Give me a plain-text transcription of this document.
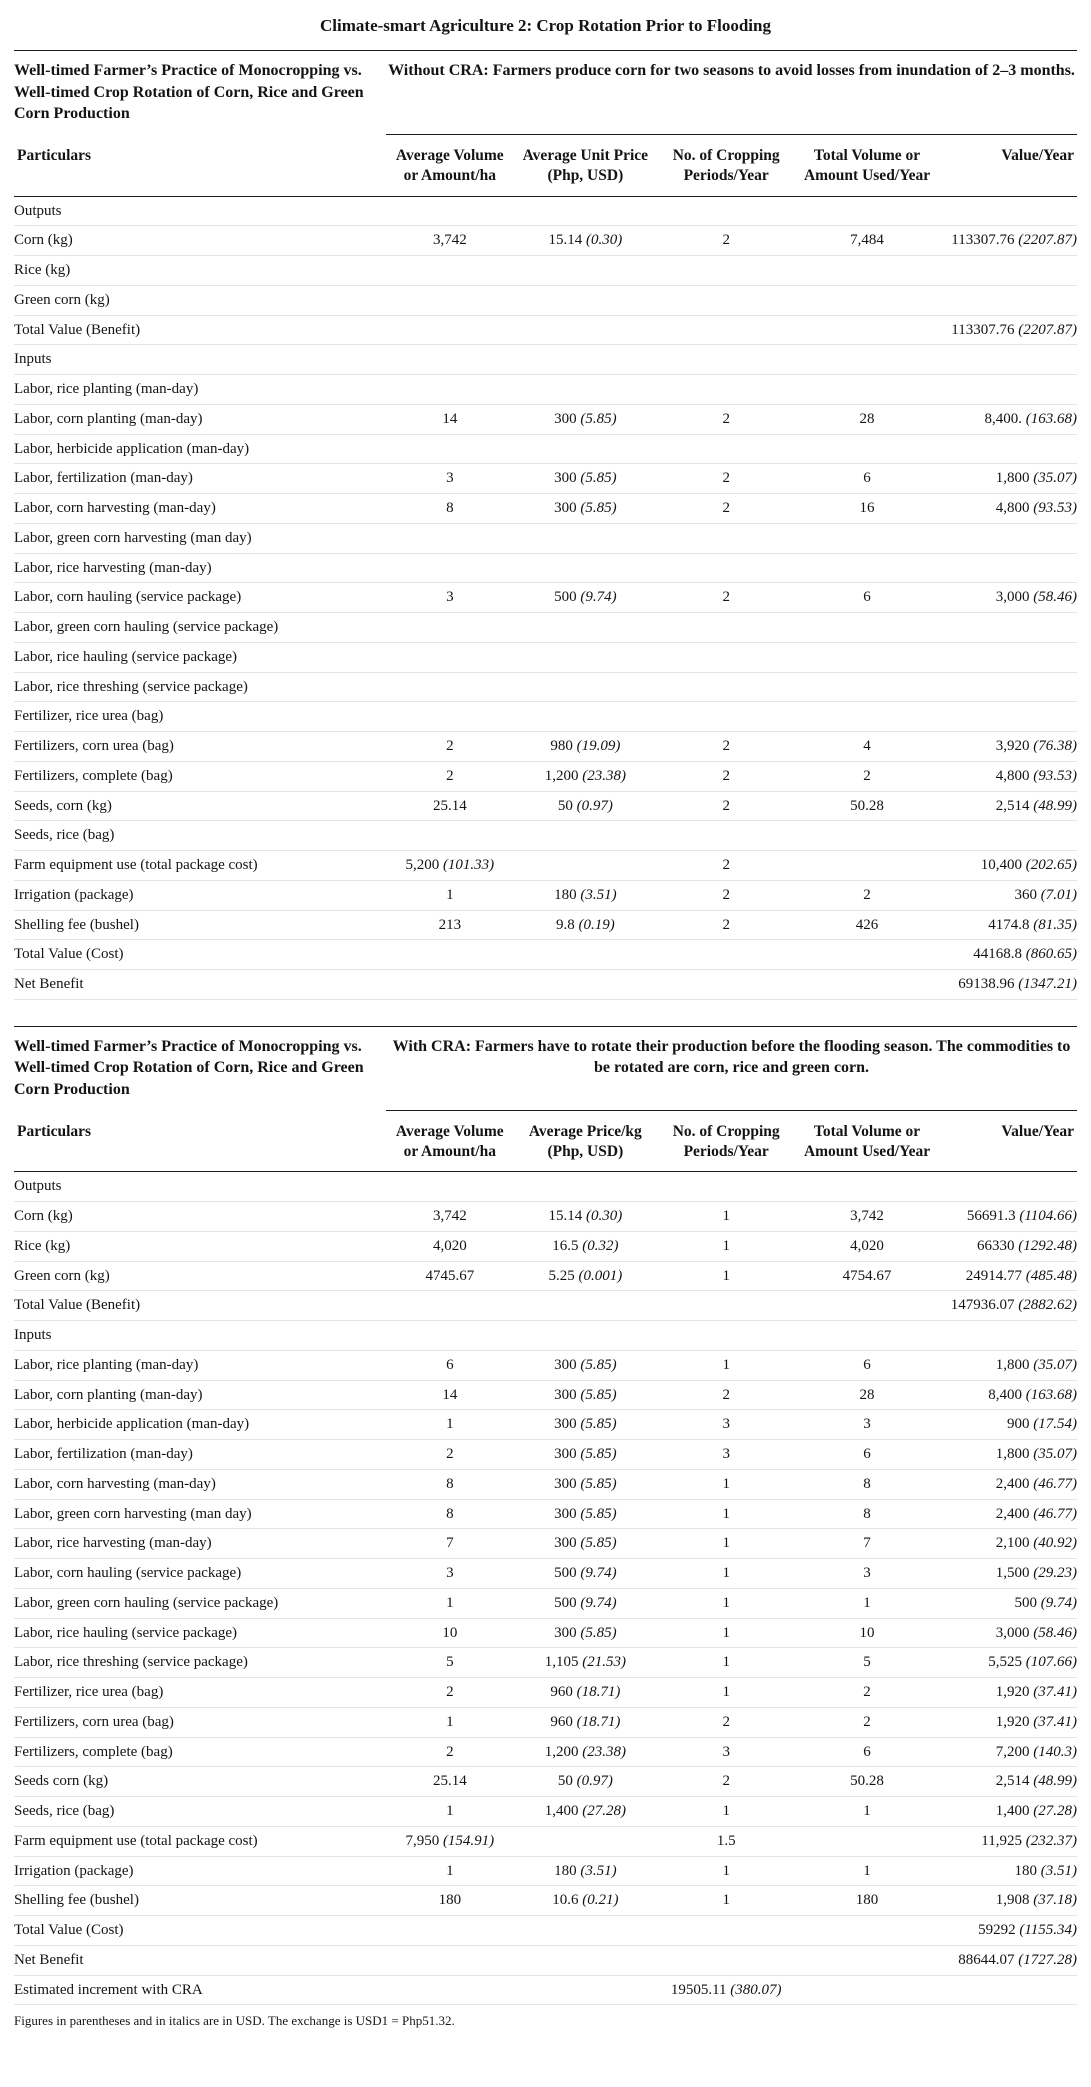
Climate-smart Agriculture 2: Crop Rotation Prior to Flooding
Well-timed Farmer’s Practice of Monocropping vs. Well-timed Crop Rotation of Corn, Rice and Green Corn Production	Without CRA: Farmers produce corn for two seasons to avoid losses from inundation of 2–3 months.				
Particulars	Average Volume or Amount/ha	Average Unit Price (Php, USD)	No. of Cropping Periods/Year	Total Volume or Amount Used/Year	Value/Year
Outputs					
Corn (kg)	3,742	15.14 (0.30)	2	7,484	113307.76 (2207.87)
Rice (kg)					
Green corn (kg)					
Total Value (Benefit)					113307.76 (2207.87)
Inputs					
Labor, rice planting (man-day)					
Labor, corn planting (man-day)	14	300 (5.85)	2	28	8,400. (163.68)
Labor, herbicide application (man-day)					
Labor, fertilization (man-day)	3	300 (5.85)	2	6	1,800 (35.07)
Labor, corn harvesting (man-day)	8	300 (5.85)	2	16	4,800 (93.53)
Labor, green corn harvesting (man day)					
Labor, rice harvesting (man-day)					
Labor, corn hauling (service package)	3	500 (9.74)	2	6	3,000 (58.46)
Labor, green corn hauling (service package)					
Labor, rice hauling (service package)					
Labor, rice threshing (service package)					
Fertilizer, rice urea (bag)					
Fertilizers, corn urea (bag)	2	980 (19.09)	2	4	3,920 (76.38)
Fertilizers, complete (bag)	2	1,200 (23.38)	2	2	4,800 (93.53)
Seeds, corn (kg)	25.14	50 (0.97)	2	50.28	2,514 (48.99)
Seeds, rice (bag)					
Farm equipment use (total package cost)	5,200 (101.33)		2		10,400 (202.65)
Irrigation (package)	1	180 (3.51)	2	2	360 (7.01)
Shelling fee (bushel)	213	9.8 (0.19)	2	426	4174.8 (81.35)
Total Value (Cost)					44168.8 (860.65)
Net Benefit					69138.96 (1347.21)
Well-timed Farmer’s Practice of Monocropping vs. Well-timed Crop Rotation of Corn, Rice and Green Corn Production	With CRA: Farmers have to rotate their production before the flooding season. The commodities to be rotated are corn, rice and green corn.				
Particulars	Average Volume or Amount/ha	Average Price/kg (Php, USD)	No. of Cropping Periods/Year	Total Volume or Amount Used/Year	Value/Year
Outputs					
Corn (kg)	3,742	15.14 (0.30)	1	3,742	56691.3 (1104.66)
Rice (kg)	4,020	16.5 (0.32)	1	4,020	66330 (1292.48)
Green corn (kg)	4745.67	5.25 (0.001)	1	4754.67	24914.77 (485.48)
Total Value (Benefit)					147936.07 (2882.62)
Inputs					
Labor, rice planting (man-day)	6	300 (5.85)	1	6	1,800 (35.07)
Labor, corn planting (man-day)	14	300 (5.85)	2	28	8,400 (163.68)
Labor, herbicide application (man-day)	1	300 (5.85)	3	3	900 (17.54)
Labor, fertilization (man-day)	2	300 (5.85)	3	6	1,800 (35.07)
Labor, corn harvesting (man-day)	8	300 (5.85)	1	8	2,400 (46.77)
Labor, green corn harvesting (man day)	8	300 (5.85)	1	8	2,400 (46.77)
Labor, rice harvesting (man-day)	7	300 (5.85)	1	7	2,100 (40.92)
Labor, corn hauling (service package)	3	500 (9.74)	1	3	1,500 (29.23)
Labor, green corn hauling (service package)	1	500 (9.74)	1	1	500 (9.74)
Labor, rice hauling (service package)	10	300 (5.85)	1	10	3,000 (58.46)
Labor, rice threshing (service package)	5	1,105 (21.53)	1	5	5,525 (107.66)
Fertilizer, rice urea (bag)	2	960 (18.71)	1	2	1,920 (37.41)
Fertilizers, corn urea (bag)	1	960 (18.71)	2	2	1,920 (37.41)
Fertilizers, complete (bag)	2	1,200 (23.38)	3	6	7,200 (140.3)
Seeds corn (kg)	25.14	50 (0.97)	2	50.28	2,514 (48.99)
Seeds, rice (bag)	1	1,400 (27.28)	1	1	1,400 (27.28)
Farm equipment use (total package cost)	7,950 (154.91)		1.5		11,925 (232.37)
Irrigation (package)	1	180 (3.51)	1	1	180 (3.51)
Shelling fee (bushel)	180	10.6 (0.21)	1	180	1,908 (37.18)
Total Value (Cost)					59292 (1155.34)
Net Benefit					88644.07 (1727.28)
Estimated increment with CRA			19505.11 (380.07)		
Figures in parentheses and in italics are in USD. The exchange is USD1 = Php51.32.
